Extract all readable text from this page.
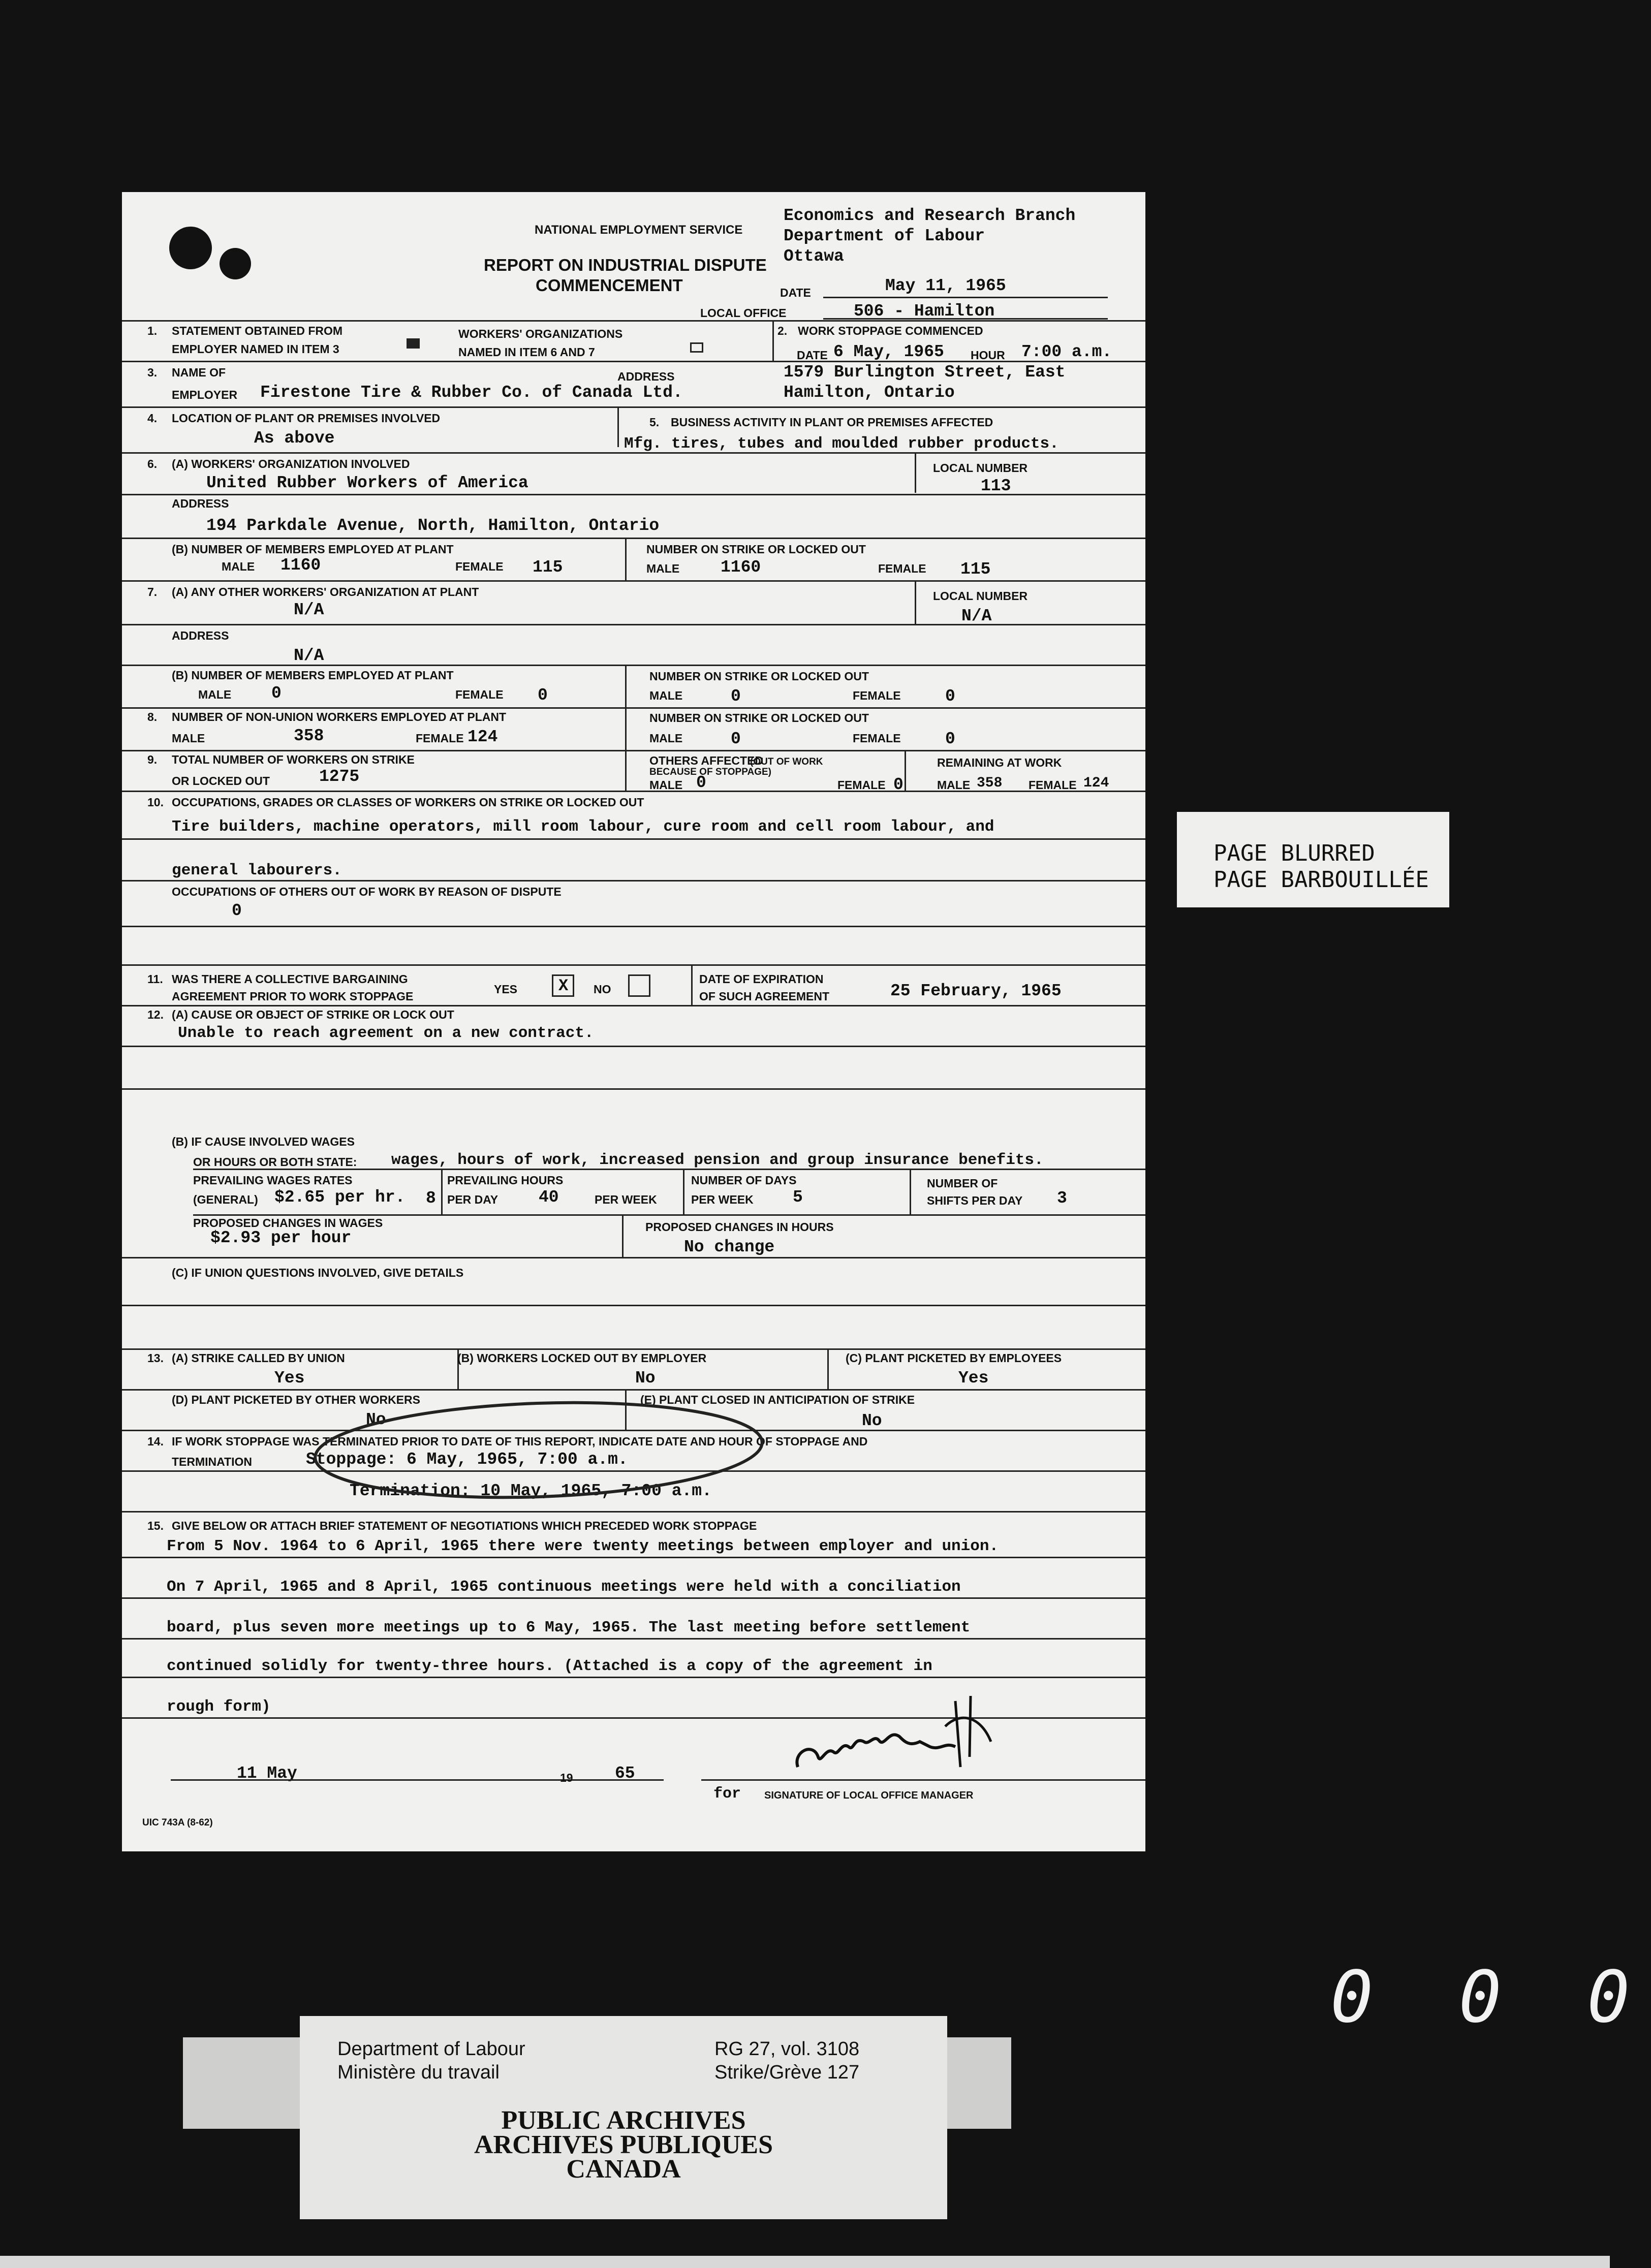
NATIONAL EMPLOYMENT SERVICE
REPORT ON INDUSTRIAL DISPUTE
COMMENCEMENT
Economics and Research Branch
Department of Labour
Ottawa
DATE	May 11, 1965
LOCAL OFFICE	506 - Hamilton
1. STATEMENT OBTAINED FROM
EMPLOYER NAMED IN ITEM 3
WORKERS' ORGANIZATIONS
NAMED IN ITEM 6 AND 7
2. WORK STOPPAGE COMMENCED
DATE 6 May, 1965 HOUR 7:00 a.m.
3. NAME OF
EMPLOYER Firestone Tire & Rubber Co. of Canada Ltd.
ADDRESS	1579 Burlington Street, East
Hamilton, Ontario
4. LOCATION OF PLANT OR PREMISES INVOLVED
As above
5. BUSINESS ACTIVITY IN PLANT OR PREMISES AFFECTED
Mfg. tires, tubes and moulded rubber products.
6. (A) WORKERS' ORGANIZATION INVOLVED
United Rubber Workers of America
LOCAL NUMBER
113
ADDRESS
194 Parkdale Avenue, North, Hamilton, Ontario
(B) NUMBER OF MEMBERS EMPLOYED AT PLANT
MALE 1160	FEMALE 115
NUMBER ON STRIKE OR LOCKED OUT
MALE 1160	FEMALE 115
7. (A) ANY OTHER WORKERS' ORGANIZATION AT PLANT
N/A
LOCAL NUMBER
N/A
ADDRESS
N/A
(B) NUMBER OF MEMBERS EMPLOYED AT PLANT
MALE 0	FEMALE 0
NUMBER ON STRIKE OR LOCKED OUT
MALE	0	FEMALE	0
8. NUMBER OF NON-UNION WORKERS EMPLOYED AT PLANT
MALE	358	FEMALE 124
NUMBER ON STRIKE OR LOCKED OUT
MALE	0	FEMALE	0
9. TOTAL NUMBER OF WORKERS ON STRIKE
OR LOCKED OUT	1275
OTHERS AFFECTED
(OUT OF WORK
BECAUSE OF STOPPAGE)
MALE 0	FEMALE 0
REMAINING AT WORK
MALE 358 FEMALE 124
10. OCCUPATIONS, GRADES OR CLASSES OF WORKERS ON STRIKE OR LOCKED OUT
Tire builders, machine operators, mill room labour, cure room and cell room labour, and
general labourers.
OCCUPATIONS OF OTHERS OUT OF WORK BY REASON OF DISPUTE
0
11. WAS THERE A COLLECTIVE BARGAINING
AGREEMENT PRIOR TO WORK STOPPAGE
YES	X NO
DATE OF EXPIRATION
OF SUCH AGREEMENT	25 February, 1965
12. (A) CAUSE OR OBJECT OF STRIKE OR LOCK OUT
Unable to reach agreement on a new contract.
(B) IF CAUSE INVOLVED WAGES
OR HOURS OR BOTH STATE: wages, hours of work, increased pension and group insurance benefits.
PREVAILING WAGES RATES
(GENERAL) $2.65 per hr. 8
PREVAILING HOURS
PER DAY 40	PER WEEK
NUMBER OF DAYS
PER WEEK 5
NUMBER OF
SHIFTS PER DAY 3
PROPOSED CHANGES IN WAGES
$2.93 per hour
PROPOSED CHANGES IN HOURS
No change
(C) IF UNION QUESTIONS INVOLVED, GIVE DETAILS
13. (A) STRIKE CALLED BY UNION
Yes
(B) WORKERS LOCKED OUT BY EMPLOYER
No
(C) PLANT PICKETED BY EMPLOYEES
Yes
(D) PLANT PICKETED BY OTHER WORKERS
No
(E) PLANT CLOSED IN ANTICIPATION OF STRIKE
No
14. IF WORK STOPPAGE WAS TERMINATED PRIOR TO DATE OF THIS REPORT, INDICATE DATE AND HOUR OF STOPPAGE AND
TERMINATION	Stoppage: 6 May, 1965, 7:00 a.m.
Termination: 10 May, 1965, 7:00 a.m.
15. GIVE BELOW OR ATTACH BRIEF STATEMENT OF NEGOTIATIONS WHICH PRECEDED WORK STOPPAGE
From 5 Nov. 1964 to 6 April, 1965 there were twenty meetings between employer and union.
On 7 April, 1965 and 8 April, 1965 continuous meetings were held with a conciliation
board, plus seven more meetings up to 6 May, 1965. The last meeting before settlement
continued solidly for twenty-three hours. (Attached is a copy of the agreement in
rough form)
11 May	19 65
for SIGNATURE OF LOCAL OFFICE MANAGER
UIC 743A (8-62)
PAGE BLURRED
PAGE BARBOUILLÉE
0 0 0
Department of Labour
Ministère du travail
RG 27, vol. 3108
Strike/Grève 127
PUBLIC ARCHIVES
ARCHIVES PUBLIQUES
CANADA
